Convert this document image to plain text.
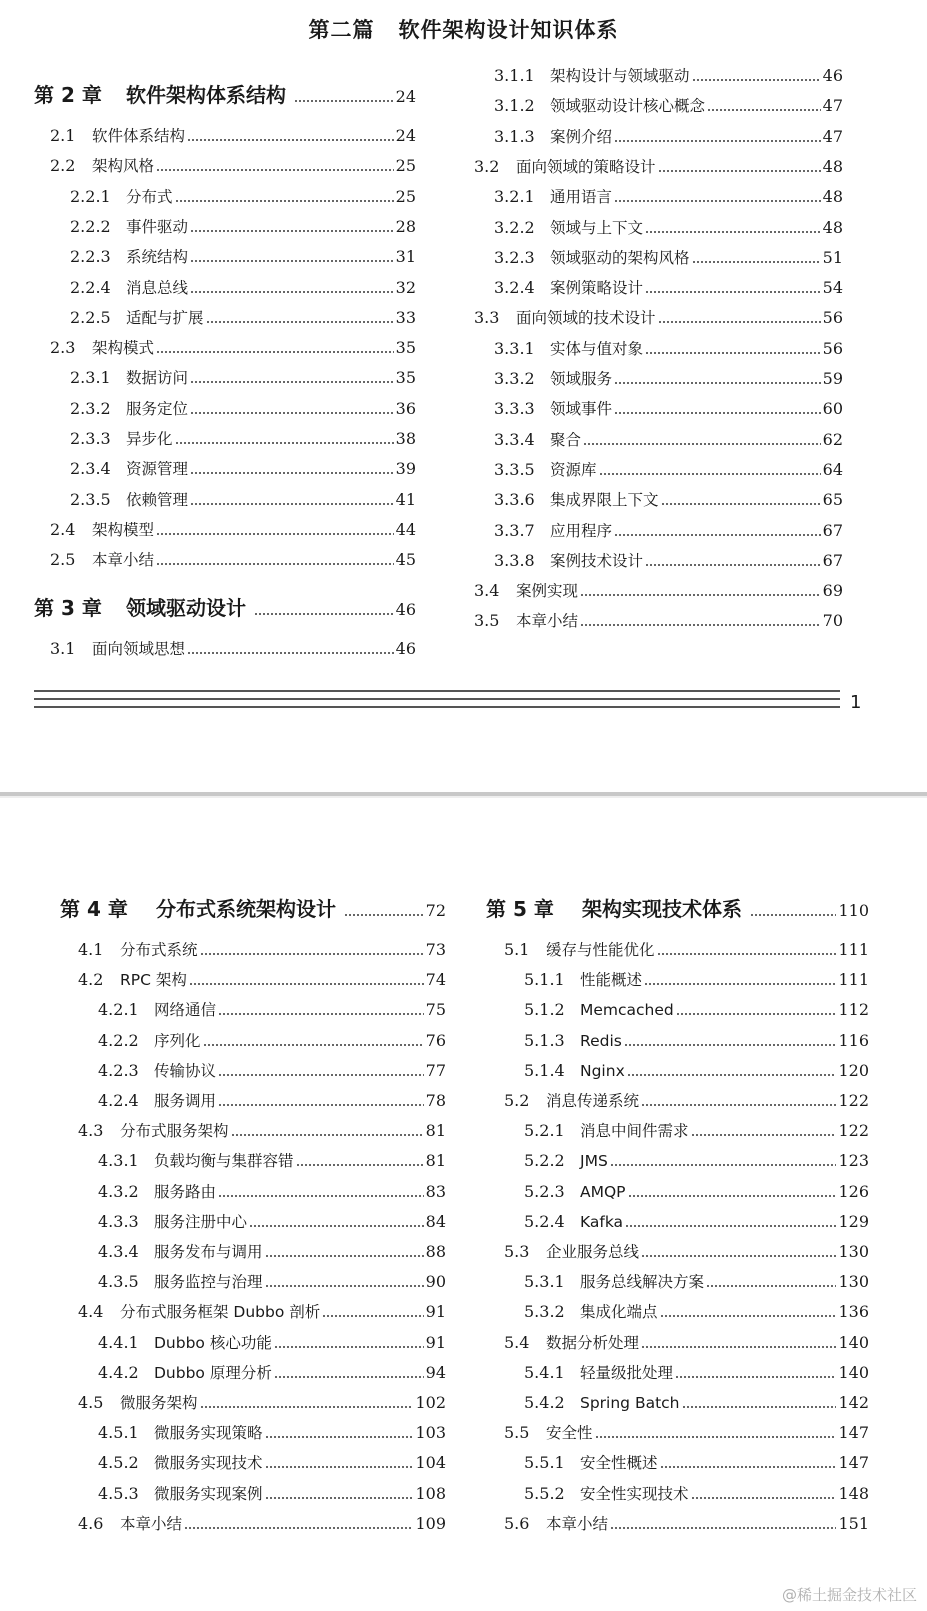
第二篇 软件架构设计知识体系
第 2 章	软件架构体系结构	24
2.1	软件体系结构	24
2.2	架构风格	25
2.2.1 分布式	25
2.2.2 事件驱动	28
2.2.3 系统结构	31
2.2.4 消息总线	32
2.2.5 适配与扩展	33
2.3	架构模式	35
2.3.1 数据访问	35
2.3.2 服务定位	36
2.3.3 异步化	38
2.3.4 资源管理	39
2.3.5 依赖管理	41
2.4	架构模型	44
2.5	本章小结	45
第 3 章	领域驱动设计	46
3.1	面向领域思想	46
3.1.1 架构设计与领域驱动	46
3.1.2 领域驱动设计核心概念	47
3.1.3 案例介绍	47
3.2	面向领域的策略设计	48
3.2.1 通用语言	48
3.2.2 领域与上下文	48
3.2.3 领域驱动的架构风格	51
3.2.4 案例策略设计	54
3.3	面向领域的技术设计	56
3.3.1 实体与值对象	56
3.3.2 领域服务	59
3.3.3 领域事件	60
3.3.4 聚合	62
3.3.5 资源库	64
3.3.6 集成界限上下文	65
3.3.7 应用程序	67
3.3.8 案例技术设计	67
3.4	案例实现	69
3.5	本章小结	70
1
第 4 章	分布式系统架构设计	72
4.1	分布式系统	73
4.2	RPC 架构	74
4.2.1 网络通信	75
4.2.2 序列化	76
4.2.3 传输协议	77
4.2.4 服务调用	78
4.3	分布式服务架构	81
4.3.1 负载均衡与集群容错	81
4.3.2 服务路由	83
4.3.3 服务注册中心	84
4.3.4 服务发布与调用	88
4.3.5 服务监控与治理	90
4.4	分布式服务框架 Dubbo 剖析	91
4.4.1 Dubbo 核心功能	91
4.4.2 Dubbo 原理分析	94
4.5	微服务架构	102
4.5.1 微服务实现策略	103
4.5.2 微服务实现技术	104
4.5.3 微服务实现案例	108
4.6	本章小结	109
第 5 章	架构实现技术体系	110
5.1	缓存与性能优化	111
5.1.1 性能概述	111
5.1.2 Memcached	112
5.1.3 Redis	116
5.1.4 Nginx	120
5.2	消息传递系统	122
5.2.1 消息中间件需求	122
5.2.2 JMS	123
5.2.3 AMQP	126
5.2.4 Kafka	129
5.3	企业服务总线	130
5.3.1 服务总线解决方案	130
5.3.2 集成化端点	136
5.4	数据分析处理	140
5.4.1 轻量级批处理	140
5.4.2 Spring Batch	142
5.5	安全性	147
5.5.1 安全性概述	147
5.5.2 安全性实现技术	148
5.6	本章小结	151
@稀土掘金技术社区
